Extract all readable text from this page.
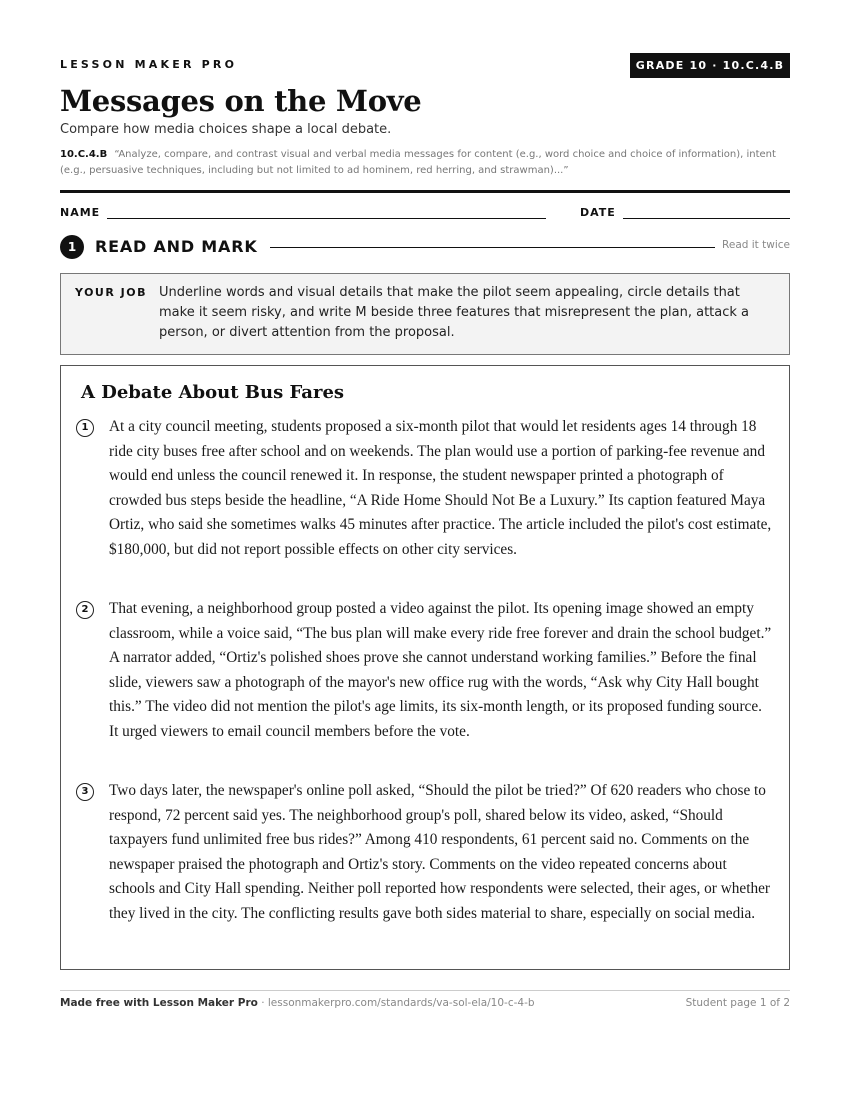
LESSON MAKER PRO	GRADE 10 · 10.C.4.B
Messages on the Move
Compare how media choices shape a local debate.
10.C.4.B “Analyze, compare, and contrast visual and verbal media messages for content (e.g., word choice and choice of information), intent (e.g., persuasive techniques, including but not limited to ad hominem, red herring, and strawman)...”
NAME	DATE
1	READ AND MARK	Read it twice
YOUR JOB Underline words and visual details that make the pilot seem appealing, circle details that make it seem risky, and write M beside three features that misrepresent the plan, attack a person, or divert attention from the proposal.
A Debate About Bus Fares
1	At a city council meeting, students proposed a six-month pilot that would let residents ages 14 through 18 ride city buses free after school and on weekends. The plan would use a portion of parking-fee revenue and would end unless the council renewed it. In response, the student newspaper printed a photograph of crowded bus steps beside the headline, “A Ride Home Should Not Be a Luxury.” Its caption featured Maya Ortiz, who said she sometimes walks 45 minutes after practice. The article included the pilot's cost estimate, $180,000, but did not report possible effects on other city services.

2	That evening, a neighborhood group posted a video against the pilot. Its opening image showed an empty classroom, while a voice said, “The bus plan will make every ride free forever and drain the school budget.” A narrator added, “Ortiz's polished shoes prove she cannot understand working families.” Before the final slide, viewers saw a photograph of the mayor's new office rug with the words, “Ask why City Hall bought this.” The video did not mention the pilot's age limits, its six-month length, or its proposed funding source. It urged viewers to email council members before the vote.

3	Two days later, the newspaper's online poll asked, “Should the pilot be tried?” Of 620 readers who chose to respond, 72 percent said yes. The neighborhood group's poll, shared below its video, asked, “Should taxpayers fund unlimited free bus rides?” Among 410 respondents, 61 percent said no. Comments on the newspaper praised the photograph and Ortiz's story. Comments on the video repeated concerns about schools and City Hall spending. Neither poll reported how respondents were selected, their ages, or whether they lived in the city. The conflicting results gave both sides material to share, especially on social media.

Made free with Lesson Maker Pro · lessonmakerpro.com/standards/va-sol-ela/10-c-4-b	Student page 1 of 2
